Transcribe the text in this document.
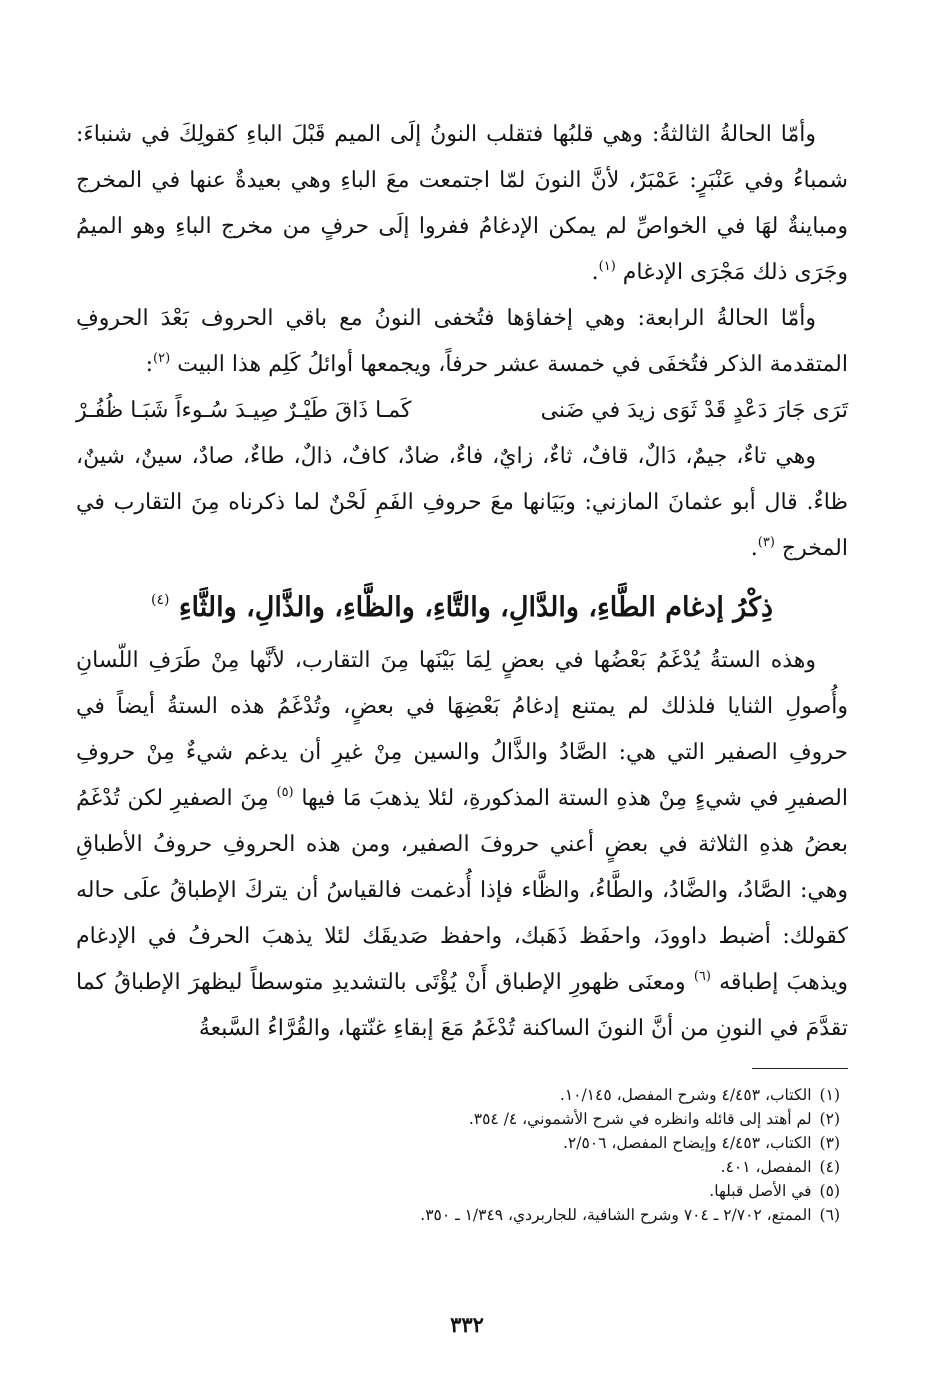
وأمّا الحالةُ الثالثةُ: وهي قلبُها فتقلب النونُ إلَى الميم قَبْلَ الباءِ كقولِكَ في شنباءَ: شمباءُ وفي عَنْبَرٍ: عَمْبَرٌ، لأنَّ النونَ لمّا اجتمعت معَ الباءِ وهي بعيدةٌ عنها في المخرج ومباينةٌ لهَا في الخواصِّ لم يمكن الإدغامُ ففروا إلَى حرفٍ من مخرج الباءِ وهو الميمُ وجَرَى ذلك مَجْرَى الإدغام $^{(١)}$.

وأمّا الحالةُ الرابعة: وهي إخفاؤها فتُخفى النونُ مع باقي الحروف بَعْدَ الحروفِ المتقدمة الذكر فتُخفَى في خمسة عشر حرفاً، ويجمعها أوائلُ كَلِم هذا البيت $^{(٢)}$:

تَرَى جَارَ دَعْدٍ قَدْ ثَوَى زيدَ في ضَنى
كَمـا ذَاقَ طَيْـرٌ صِيـدَ سُـوءاً شَبَـا ظُفُـرْ

وهي تاءٌ، جيمٌ، دَالٌ، قافٌ، ثاءٌ، زايٌ، فاءٌ، ضادٌ، كافٌ، ذالٌ، طاءٌ، صادٌ، سينٌ، شينٌ، ظاءٌ. قال أبو عثمانَ المازني: وبَيَانها معَ حروفِ الفَمِ لَحْنٌ لما ذكرناه مِنَ التقارب في المخرج $^{(٣)}$.

ذِكْرُ إدغام الطَّاءِ، والدَّالِ، والتَّاءِ، والظَّاءِ، والذَّالِ، والثَّاءِ $^{(٤)}$

وهذه الستةُ يُدْغَمُ بَعْضُها في بعضٍ لِمَا بَيْنَها مِنَ التقارب، لأنَّها مِنْ طَرَفِ اللّسانِ وأُصولِ الثنايا فلذلك لم يمتنع إدغامُ بَعْضِهَا في بعضٍ، وتُدْغَمُ هذه الستةُ أيضاً في حروفِ الصفير التي هي: الصَّادُ والذَّالُ والسين مِنْ غيرِ أن يدغم شيءٌ مِنْ حروفِ الصفيرِ في شيءٍ مِنْ هذهِ الستة المذكورةِ، لئلا يذهبَ مَا فيها $^{(٥)}$ مِنَ الصفيرِ لكن تُدْغَمُ بعضُ هذهِ الثلاثة في بعضٍ أعني حروفَ الصفير، ومن هذه الحروفِ حروفُ الأطباقِ وهي: الصَّادُ، والضَّادُ، والطَّاءُ، والظَّاء فإذا أُدغمت فالقياسُ أن يتركَ الإطباقُ علَى حاله كقولك: أضبط داوودَ، واحفَظ ذَهَبك، واحفظ صَديقَك لئلا يذهبَ الحرفُ في الإدغام ويذهبَ إطباقه $^{(٦)}$ ومعنَى ظهورِ الإطباق أَنْ يُؤْتَى بالتشديدِ متوسطاً ليظهرَ الإطباقُ كما تقدَّمَ في النونِ من أنَّ النونَ الساكنة تُدْغَمُ مَعَ إبقاءِ غنّتها، والقُرَّاءُ السَّبعةُ

(١)الكتاب، ٤/٤٥٣ وشرح المفصل، ١٠/١٤٥.
(٢)لم أهتد إلى قائله وانظره في شرح الأشموني، ٤/ ٣٥٤.
(٣)الكتاب، ٤/٤٥٣ وإيضاح المفصل، ٢/٥٠٦.
(٤)المفصل، ٤٠١.
(٥)في الأصل قبلها.
(٦)الممتع، ٢/٧٠٢ ـ ٧٠٤ وشرح الشافية، للجاربردي، ١/٣٤٩ ـ ٣٥٠.
٣٣٢
